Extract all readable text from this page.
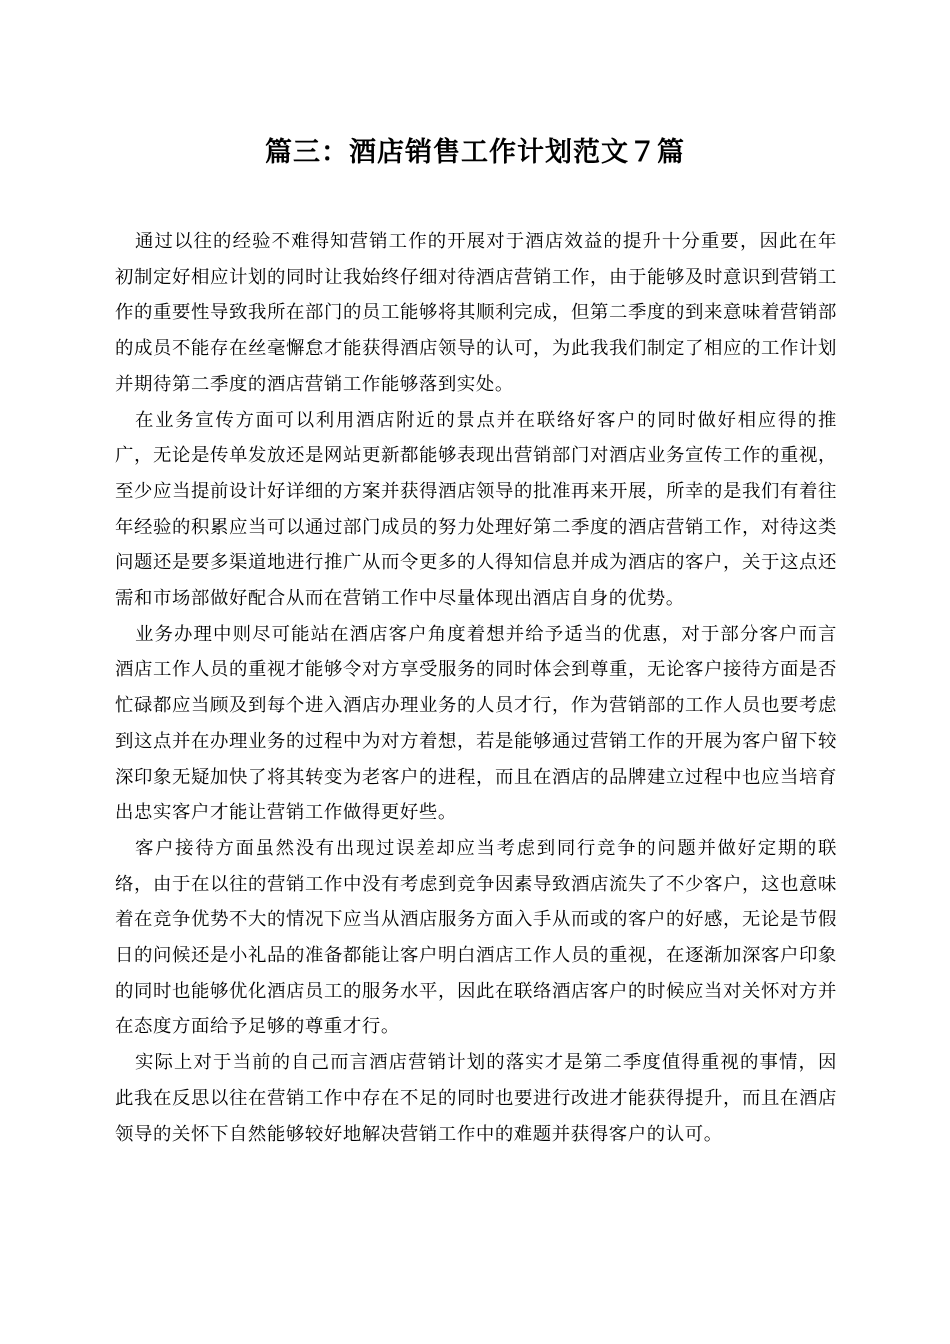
篇三：酒店销售工作计划范文７篇

通过以往的经验不难得知营销工作的开展对于酒店效益的提升十分重要，因此在年初制定好相应计划的同时让我始终仔细对待酒店营销工作，由于能够及时意识到营销工作的重要性导致我所在部门的员工能够将其顺利完成，但第二季度的到来意味着营销部的成员不能存在丝毫懈怠才能获得酒店领导的认可，为此我我们制定了相应的工作计划并期待第二季度的酒店营销工作能够落到实处。

在业务宣传方面可以利用酒店附近的景点并在联络好客户的同时做好相应得的推广，无论是传单发放还是网站更新都能够表现出营销部门对酒店业务宣传工作的重视，至少应当提前设计好详细的方案并获得酒店领导的批准再来开展，所幸的是我们有着往年经验的积累应当可以通过部门成员的努力处理好第二季度的酒店营销工作，对待这类问题还是要多渠道地进行推广从而令更多的人得知信息并成为酒店的客户，关于这点还需和市场部做好配合从而在营销工作中尽量体现出酒店自身的优势。

业务办理中则尽可能站在酒店客户角度着想并给予适当的优惠，对于部分客户而言酒店工作人员的重视才能够令对方享受服务的同时体会到尊重，无论客户接待方面是否忙碌都应当顾及到每个进入酒店办理业务的人员才行，作为营销部的工作人员也要考虑到这点并在办理业务的过程中为对方着想，若是能够通过营销工作的开展为客户留下较深印象无疑加快了将其转变为老客户的进程，而且在酒店的品牌建立过程中也应当培育出忠实客户才能让营销工作做得更好些。

客户接待方面虽然没有出现过误差却应当考虑到同行竞争的问题并做好定期的联络，由于在以往的营销工作中没有考虑到竞争因素导致酒店流失了不少客户，这也意味着在竞争优势不大的情况下应当从酒店服务方面入手从而或的客户的好感，无论是节假日的问候还是小礼品的准备都能让客户明白酒店工作人员的重视，在逐渐加深客户印象的同时也能够优化酒店员工的服务水平，因此在联络酒店客户的时候应当对关怀对方并在态度方面给予足够的尊重才行。

实际上对于当前的自己而言酒店营销计划的落实才是第二季度值得重视的事情，因此我在反思以往在营销工作中存在不足的同时也要进行改进才能获得提升，而且在酒店领导的关怀下自然能够较好地解决营销工作中的难题并获得客户的认可。
